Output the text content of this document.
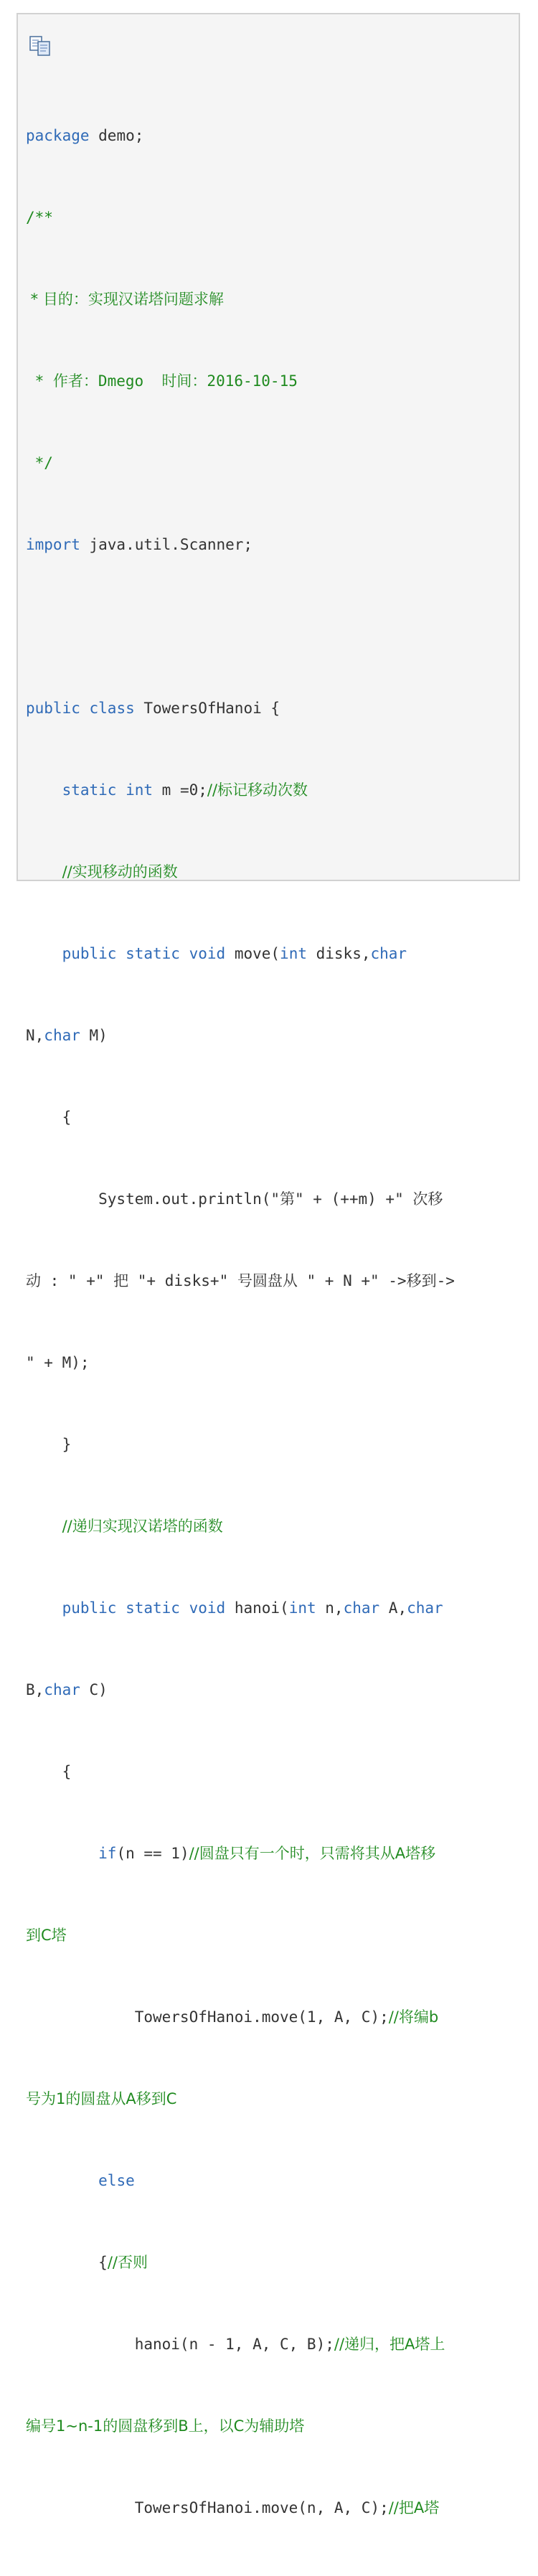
package demo;

/**

* 目的：实现汉诺塔问题求解

* 作者：Dmego  时间：2016-10-15

*/

import java.util.Scanner;

public class TowersOfHanoi {

static int m =0;//标记移动次数

//实现移动的函数

public static void move(int disks,char

N,char M)

{

System.out.println("第" + (++m) +" 次移

动 : " +" 把 "+ disks+" 号圆盘从 " + N +" ->移到->

" + M);

}

//递归实现汉诺塔的函数

public static void hanoi(int n,char A,char

B,char C)

{

if(n == 1)//圆盘只有一个时，只需将其从A塔移

到C塔

TowersOfHanoi.move(1, A, C);//将编b

号为1的圆盘从A移到C

else

{//否则

hanoi(n - 1, A, C, B);//递归，把A塔上

编号1~n-1的圆盘移到B上，以C为辅助塔

TowersOfHanoi.move(n, A, C);//把A塔
